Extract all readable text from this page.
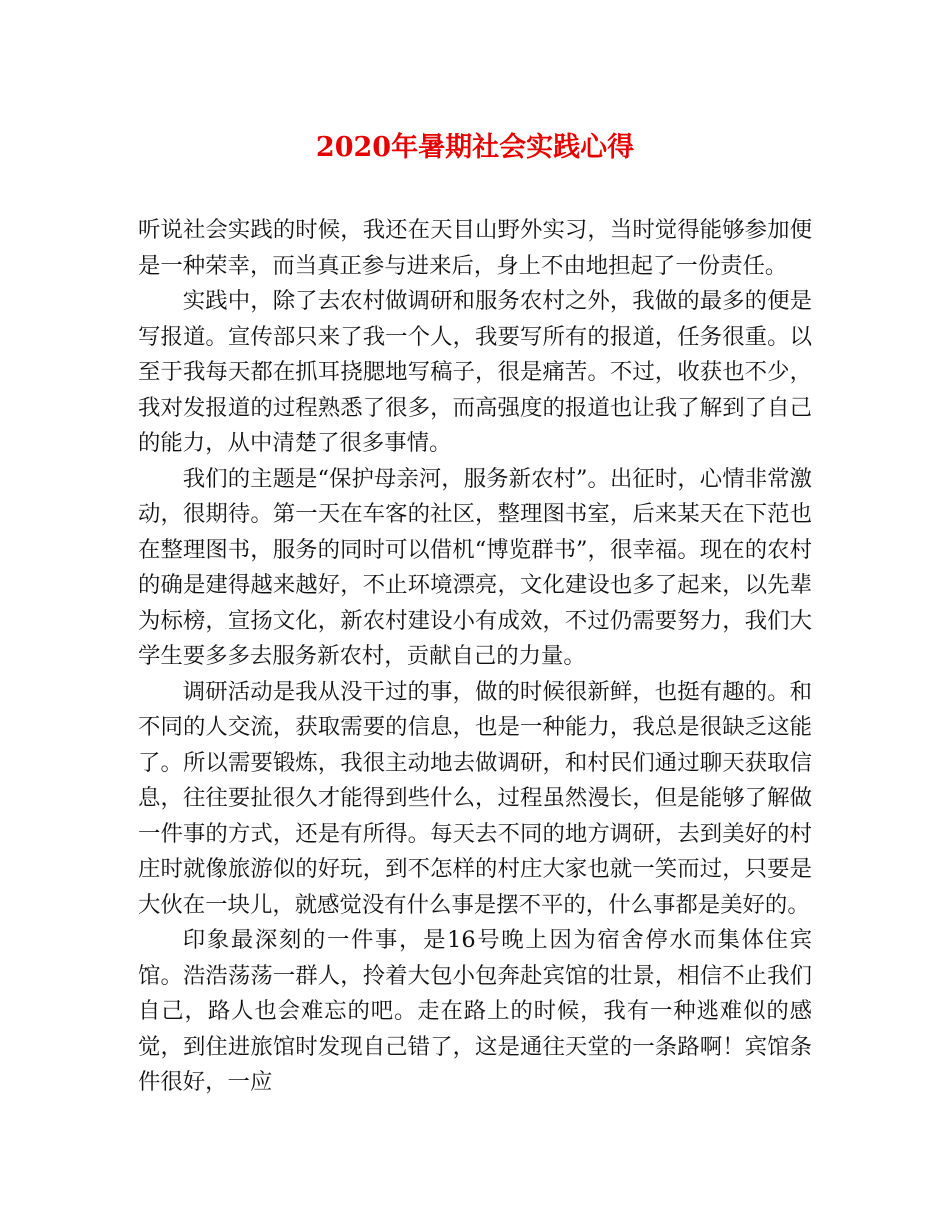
2020年暑期社会实践心得

听说社会实践的时候，我还在天目山野外实习，当时觉得能够参加便是一种荣幸，而当真正参与进来后，身上不由地担起了一份责任。

实践中，除了去农村做调研和服务农村之外，我做的最多的便是写报道。宣传部只来了我一个人，我要写所有的报道，任务很重。以至于我每天都在抓耳挠腮地写稿子，很是痛苦。不过，收获也不少，我对发报道的过程熟悉了很多，而高强度的报道也让我了解到了自己的能力，从中清楚了很多事情。

我们的主题是“保护母亲河，服务新农村”。出征时，心情非常激动，很期待。第一天在车客的社区，整理图书室，后来某天在下范也在整理图书，服务的同时可以借机“博览群书”，很幸福。现在的农村的确是建得越来越好，不止环境漂亮，文化建设也多了起来，以先辈为标榜，宣扬文化，新农村建设小有成效，不过仍需要努力，我们大学生要多多去服务新农村，贡献自己的力量。

调研活动是我从没干过的事，做的时候很新鲜，也挺有趣的。和不同的人交流，获取需要的信息，也是一种能力，我总是很缺乏这能了。所以需要锻炼，我很主动地去做调研，和村民们通过聊天获取信息，往往要扯很久才能得到些什么，过程虽然漫长，但是能够了解做一件事的方式，还是有所得。每天去不同的地方调研，去到美好的村庄时就像旅游似的好玩，到不怎样的村庄大家也就一笑而过，只要是大伙在一块儿，就感觉没有什么事是摆不平的，什么事都是美好的。

印象最深刻的一件事，是16号晚上因为宿舍停水而集体住宾馆。浩浩荡荡一群人，拎着大包小包奔赴宾馆的壮景，相信不止我们自己，路人也会难忘的吧。走在路上的时候，我有一种逃难似的感觉，到住进旅馆时发现自己错了，这是通往天堂的一条路啊！宾馆条件很好，一应
